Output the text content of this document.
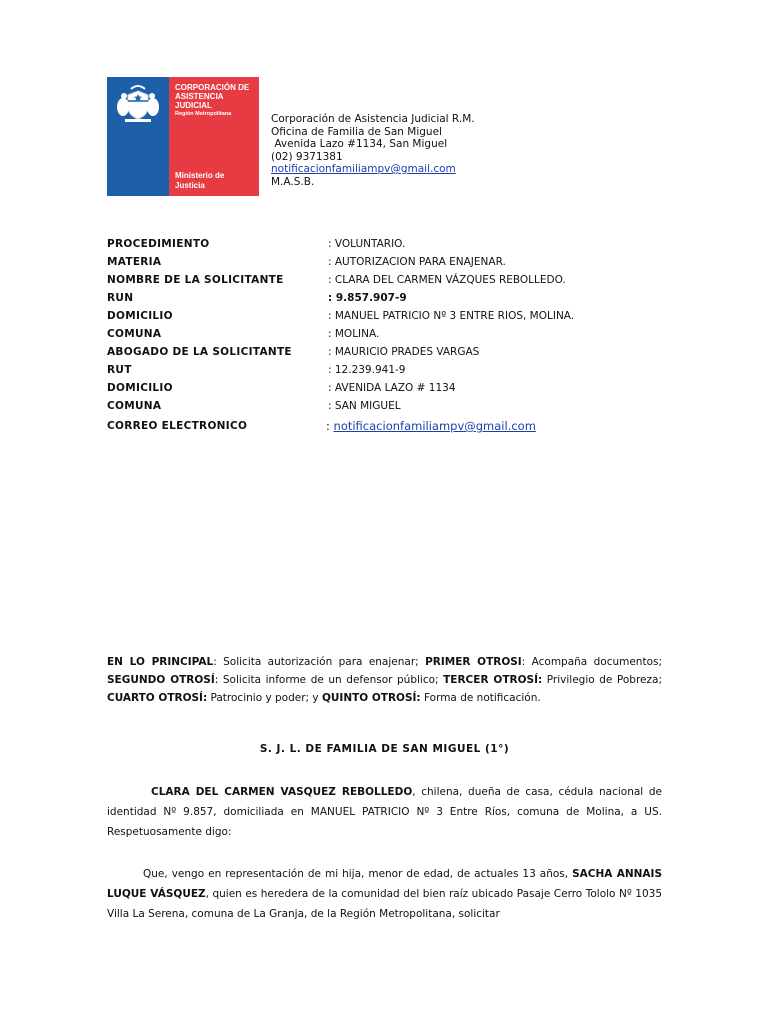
CORPORACIÓN DE
ASISTENCIA
JUDICIAL
Región Metropolitana
Ministerio de
Justicia
Corporación de Asistencia Judicial R.M.
Oficina de Familia de San Miguel
Avenida Lazo #1134, San Miguel
(02) 9371381
notificacionfamiliampv@gmail.com
M.A.S.B.
PROCEDIMIENTO	: VOLUNTARIO.
MATERIA	: AUTORIZACION PARA ENAJENAR.
NOMBRE DE LA SOLICITANTE	: CLARA DEL CARMEN VÁZQUES REBOLLEDO.
RUN	: 9.857.907-9
DOMICILIO	: MANUEL PATRICIO Nº 3 ENTRE RIOS, MOLINA.
COMUNA	: MOLINA.
ABOGADO DE LA SOLICITANTE	: MAURICIO PRADES VARGAS
RUT	: 12.239.941-9
DOMICILIO	: AVENIDA LAZO # 1134
COMUNA	: SAN MIGUEL
CORREO ELECTRONICO	: notificacionfamiliampv@gmail.com
EN LO PRINCIPAL: Solicita autorización para enajenar; PRIMER OTROSI: Acompaña documentos; SEGUNDO OTROSÍ: Solicita informe de un defensor público; TERCER OTROSÍ: Privilegio de Pobreza; CUARTO OTROSÍ: Patrocinio y poder; y QUINTO OTROSÍ: Forma de notificación.
S. J. L. DE FAMILIA DE SAN MIGUEL (1°)
CLARA DEL CARMEN VASQUEZ REBOLLEDO, chilena, dueña de casa, cédula nacional de identidad Nº 9.857, domiciliada en MANUEL PATRICIO Nº 3 Entre Ríos, comuna de Molina, a US. Respetuosamente digo:
Que, vengo en representación de mi hija, menor de edad, de actuales 13 años, SACHA ANNAIS LUQUE VÁSQUEZ, quien es heredera de la comunidad del bien raíz ubicado Pasaje Cerro Tololo Nº 1035 Villa La Serena, comuna de La Granja, de la Región Metropolitana, solicitar
